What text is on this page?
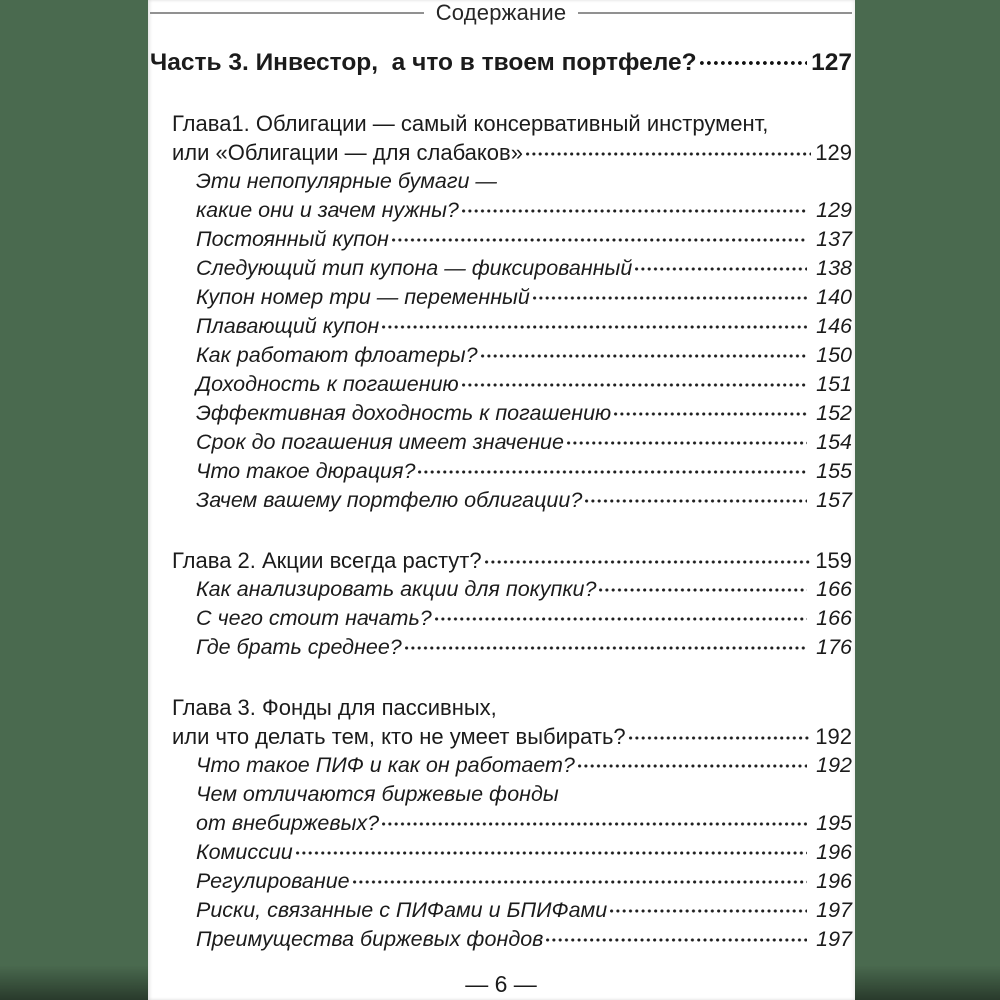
Содержание
Часть 3. Инвестор,  а что в твоем портфеле?	127
Глава1. Облигации — самый консервативный инструмент,
или «Облигации — для слабаков»	129
Эти непопулярные бумаги —
какие они и зачем нужны?	129
Постоянный купон	137
Следующий тип купона — фиксированный	138
Купон номер три — переменный	140
Плавающий купон	146
Как работают флоатеры?	150
Доходность к погашению	151
Эффективная доходность к погашению	152
Срок до погашения имеет значение	154
Что такое дюрация?	155
Зачем вашему портфелю облигации?	157
Глава 2. Акции всегда растут?	159
Как анализировать акции для покупки?	166
С чего стоит начать?	166
Где брать среднее?	176
Глава 3. Фонды для пассивных,
или что делать тем, кто не умеет выбирать?	192
Что такое ПИФ и как он работает?	192
Чем отличаются биржевые фонды
от внебиржевых?	195
Комиссии	196
Регулирование	196
Риски, связанные с ПИФами и БПИФами	197
Преимущества биржевых фондов	197
— 6 —
